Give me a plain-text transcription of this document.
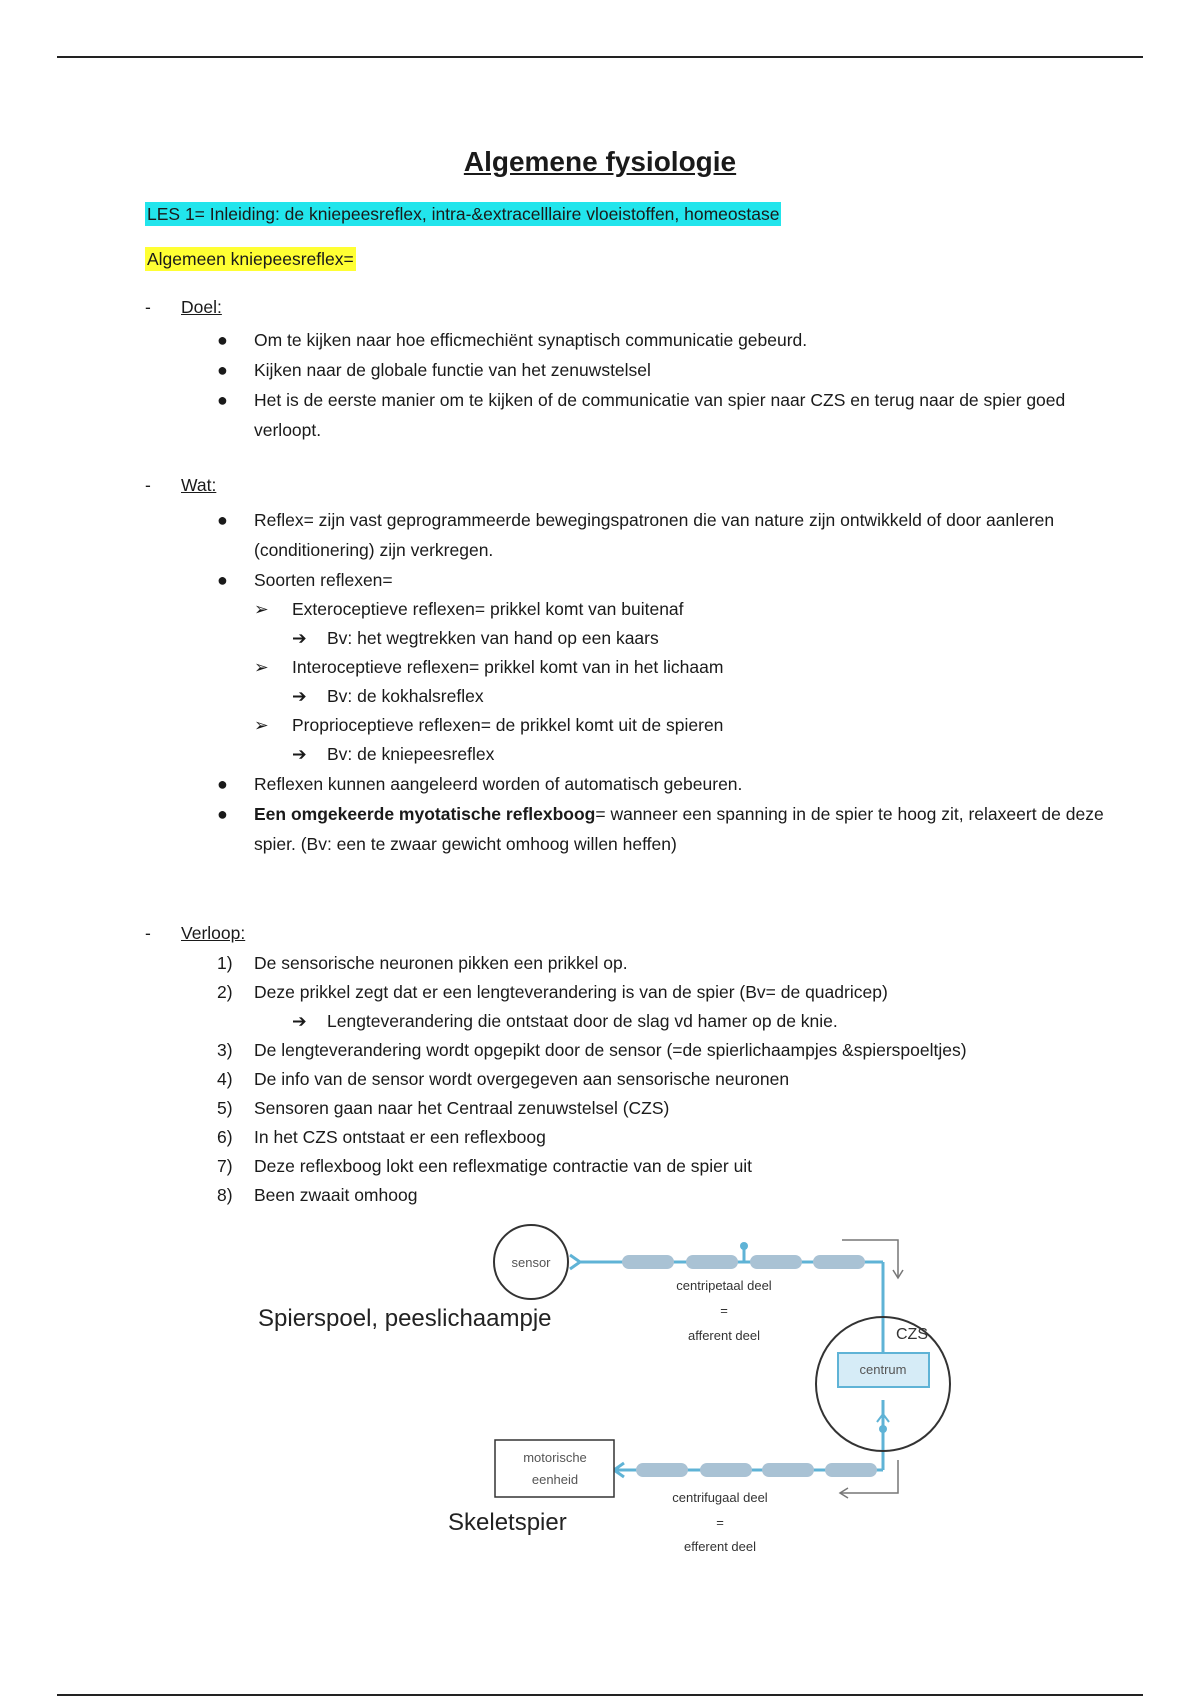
Algemene fysiologie
LES 1= Inleiding: de kniepeesreflex, intra-&extracelllaire vloeistoffen, homeostase
Algemeen kniepeesreflex=
- Doel:
● Om te kijken naar hoe efficmechiënt synaptisch communicatie gebeurd.
● Kijken naar de globale functie van het zenuwstelsel
● Het is de eerste manier om te kijken of de communicatie van spier naar CZS en terug naar de spier goed verloopt.
- Wat:
● Reflex= zijn vast geprogrammeerde bewegingspatronen die van nature zijn ontwikkeld of door aanleren (conditionering) zijn verkregen.
● Soorten reflexen=
➢ Exteroceptieve reflexen= prikkel komt van buitenaf
➔ Bv: het wegtrekken van hand op een kaars
➢ Interoceptieve reflexen= prikkel komt van in het lichaam
➔ Bv: de kokhalsreflex
➢ Proprioceptieve reflexen= de prikkel komt uit de spieren
➔ Bv: de kniepeesreflex
● Reflexen kunnen aangeleerd worden of automatisch gebeuren.
● Een omgekeerde myotatische reflexboog= wanneer een spanning in de spier te hoog zit, relaxeert de deze spier. (Bv: een te zwaar gewicht omhoog willen heffen)
- Verloop:
1) De sensorische neuronen pikken een prikkel op.
2) Deze prikkel zegt dat er een lengteverandering is van de spier (Bv= de quadricep)
➔ Lengteverandering die ontstaat door de slag vd hamer op de knie.
3) De lengteverandering wordt opgepikt door de sensor (=de spierlichaampjes &spierspoeltjes)
4) De info van de sensor wordt overgegeven aan sensorische neuronen
5) Sensoren gaan naar het Centraal zenuwstelsel (CZS)
6) In het CZS ontstaat er een reflexboog
7) Deze reflexboog lokt een reflexmatige contractie van de spier uit
8) Been zwaait omhoog
sensor
centrum
CZS
centripetaal deel
=
afferent deel
Spierspoel, peeslichaampje
motorische
eenheid
Skeletspier
centrifugaal deel
=
efferent deel
